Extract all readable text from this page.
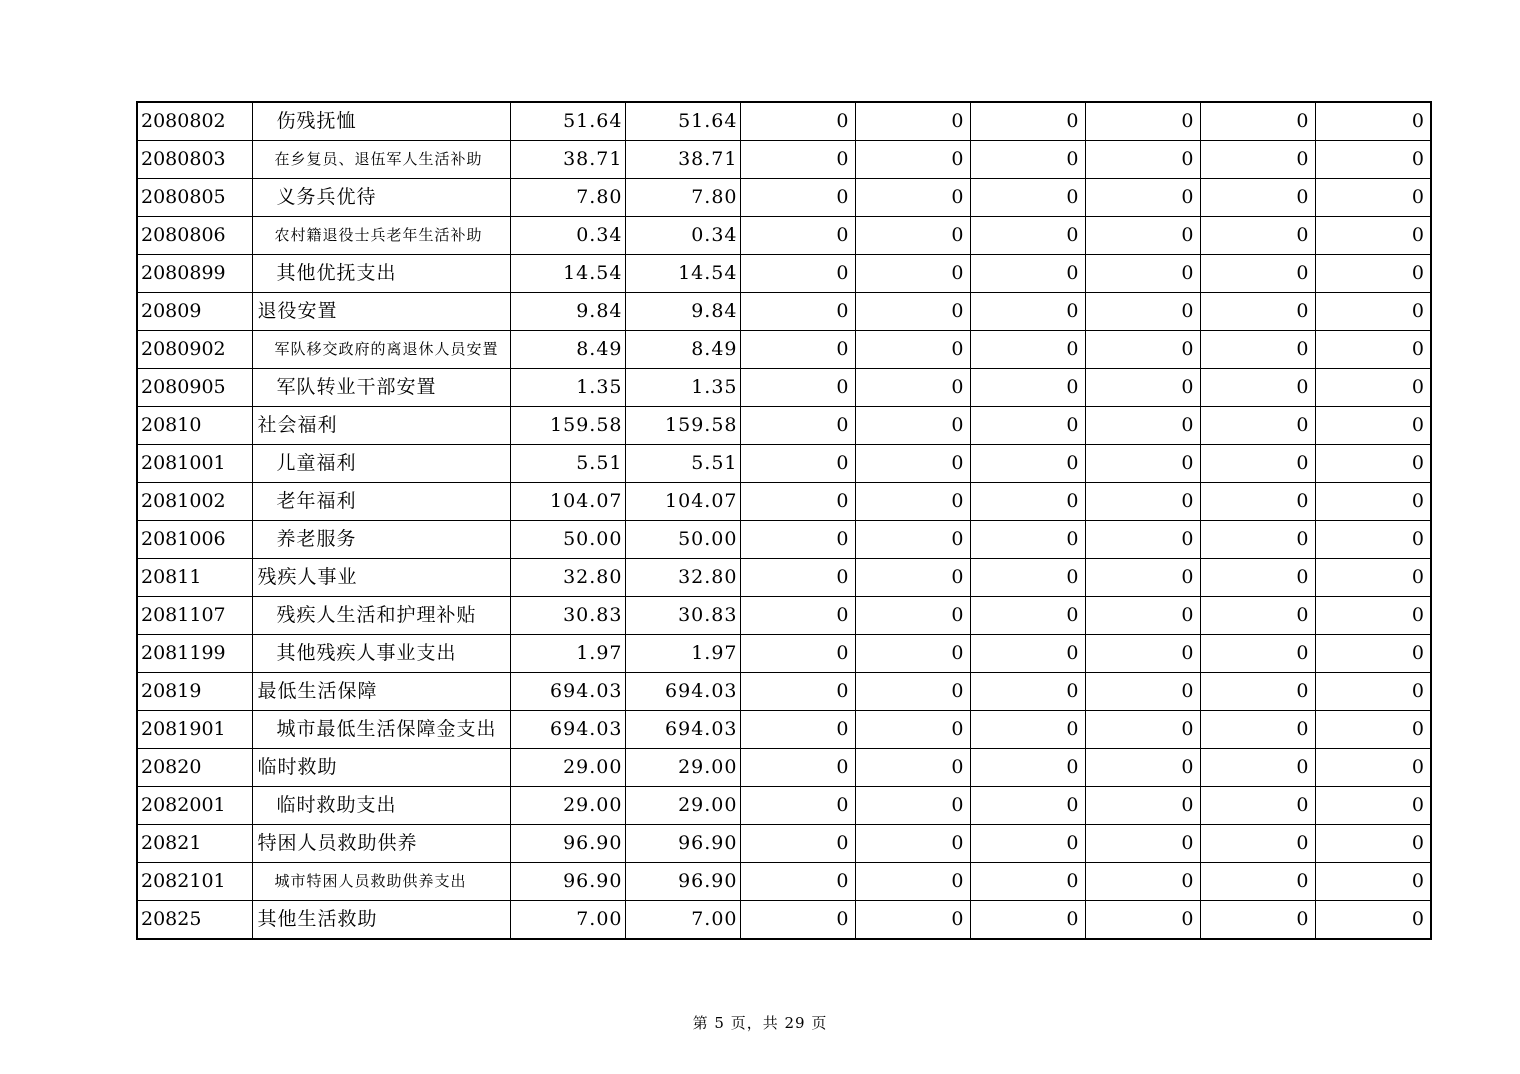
2080802	伤残抚恤	51.64	51.64	0	0	0	0	0	0
2080803	在乡复员、退伍军人生活补助	38.71	38.71	0	0	0	0	0	0
2080805	义务兵优待	7.80	7.80	0	0	0	0	0	0
2080806	农村籍退役士兵老年生活补助	0.34	0.34	0	0	0	0	0	0
2080899	其他优抚支出	14.54	14.54	0	0	0	0	0	0
20809	退役安置	9.84	9.84	0	0	0	0	0	0
2080902	军队移交政府的离退休人员安置	8.49	8.49	0	0	0	0	0	0
2080905	军队转业干部安置	1.35	1.35	0	0	0	0	0	0
20810	社会福利	159.58	159.58	0	0	0	0	0	0
2081001	儿童福利	5.51	5.51	0	0	0	0	0	0
2081002	老年福利	104.07	104.07	0	0	0	0	0	0
2081006	养老服务	50.00	50.00	0	0	0	0	0	0
20811	残疾人事业	32.80	32.80	0	0	0	0	0	0
2081107	残疾人生活和护理补贴	30.83	30.83	0	0	0	0	0	0
2081199	其他残疾人事业支出	1.97	1.97	0	0	0	0	0	0
20819	最低生活保障	694.03	694.03	0	0	0	0	0	0
2081901	城市最低生活保障金支出	694.03	694.03	0	0	0	0	0	0
20820	临时救助	29.00	29.00	0	0	0	0	0	0
2082001	临时救助支出	29.00	29.00	0	0	0	0	0	0
20821	特困人员救助供养	96.90	96.90	0	0	0	0	0	0
2082101	城市特困人员救助供养支出	96.90	96.90	0	0	0	0	0	0
20825	其他生活救助	7.00	7.00	0	0	0	0	0	0
第 5 页，共 29 页
